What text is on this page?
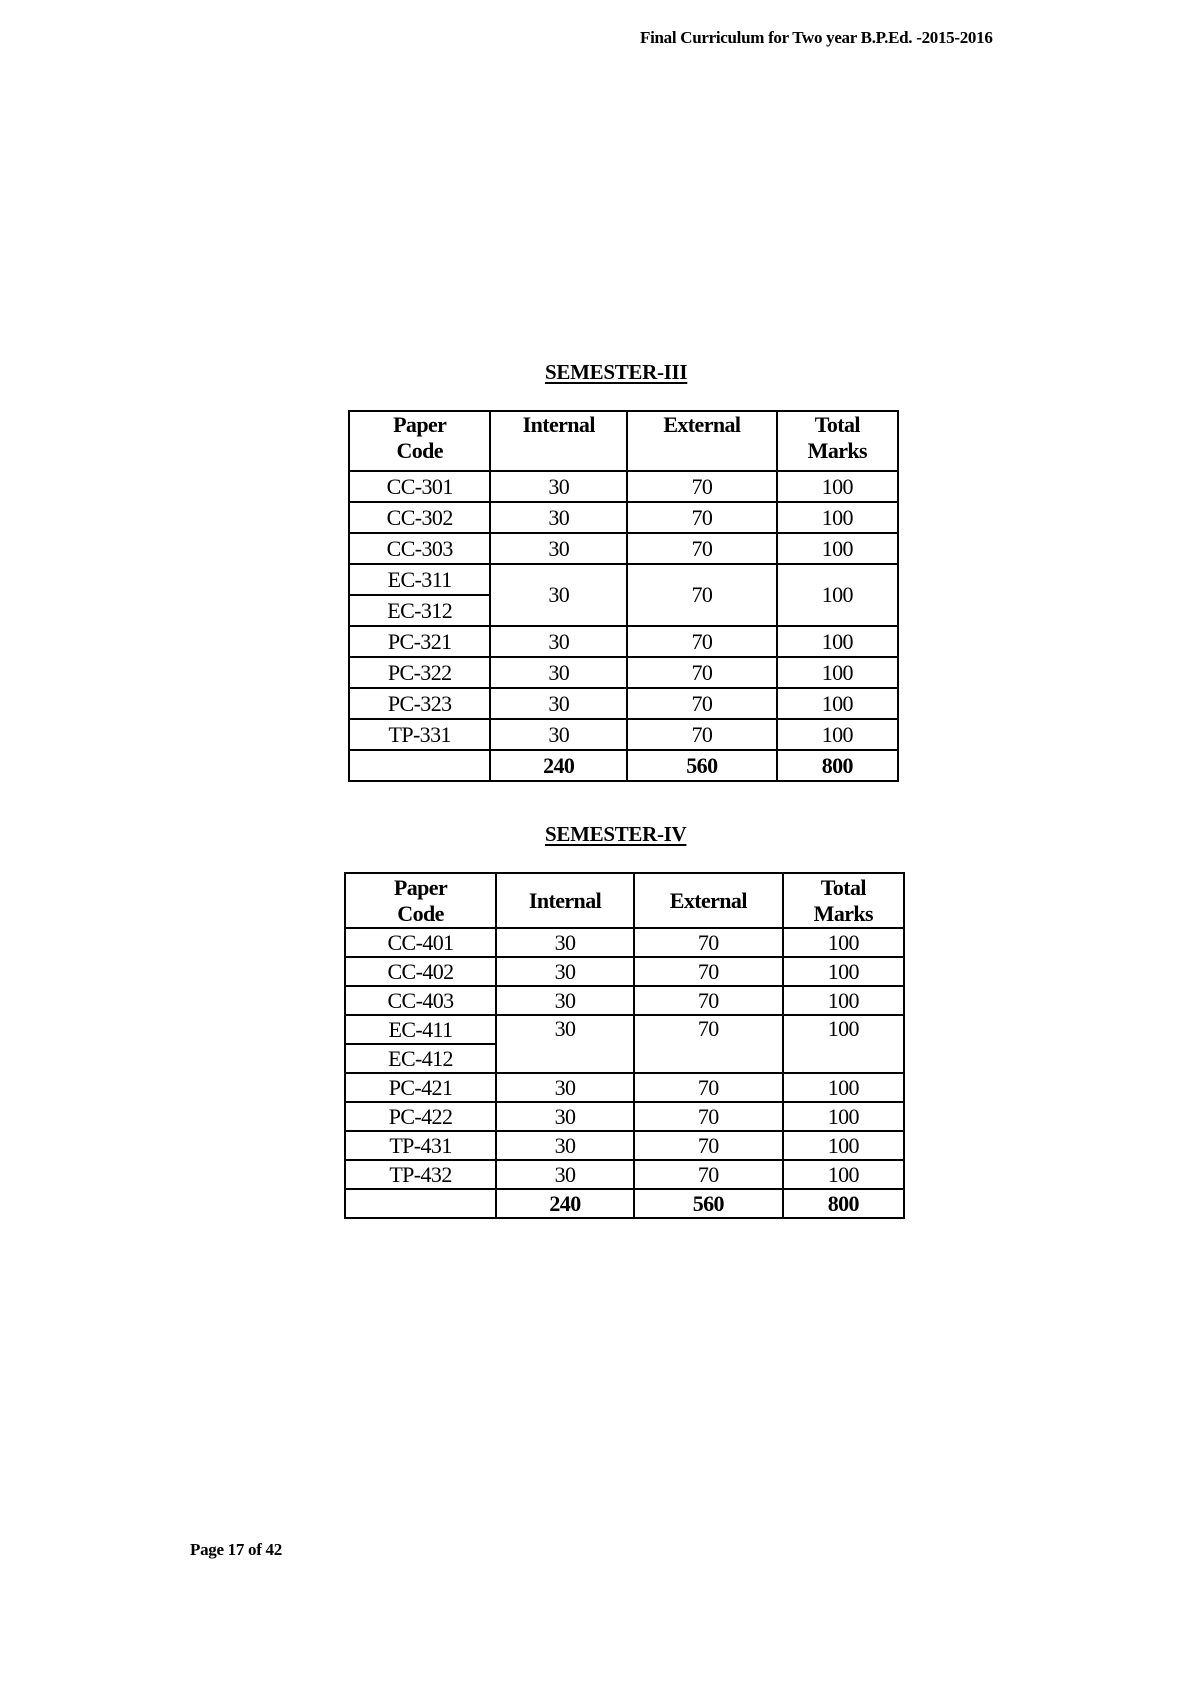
Final Curriculum for Two year B.P.Ed. -2015-2016
SEMESTER-III
Paper Code	Internal	External	Total Marks
CC-301	30	70	100
CC-302	30	70	100
CC-303	30	70	100
EC-311	30	70	100
EC-312			
PC-321	30	70	100
PC-322	30	70	100
PC-323	30	70	100
TP-331	30	70	100
	240	560	800
SEMESTER-IV
Paper Code	Internal	External	Total Marks
CC-401	30	70	100
CC-402	30	70	100
CC-403	30	70	100
EC-411	30	70	100
EC-412			
PC-421	30	70	100
PC-422	30	70	100
TP-431	30	70	100
TP-432	30	70	100
	240	560	800
Page 17 of 42
